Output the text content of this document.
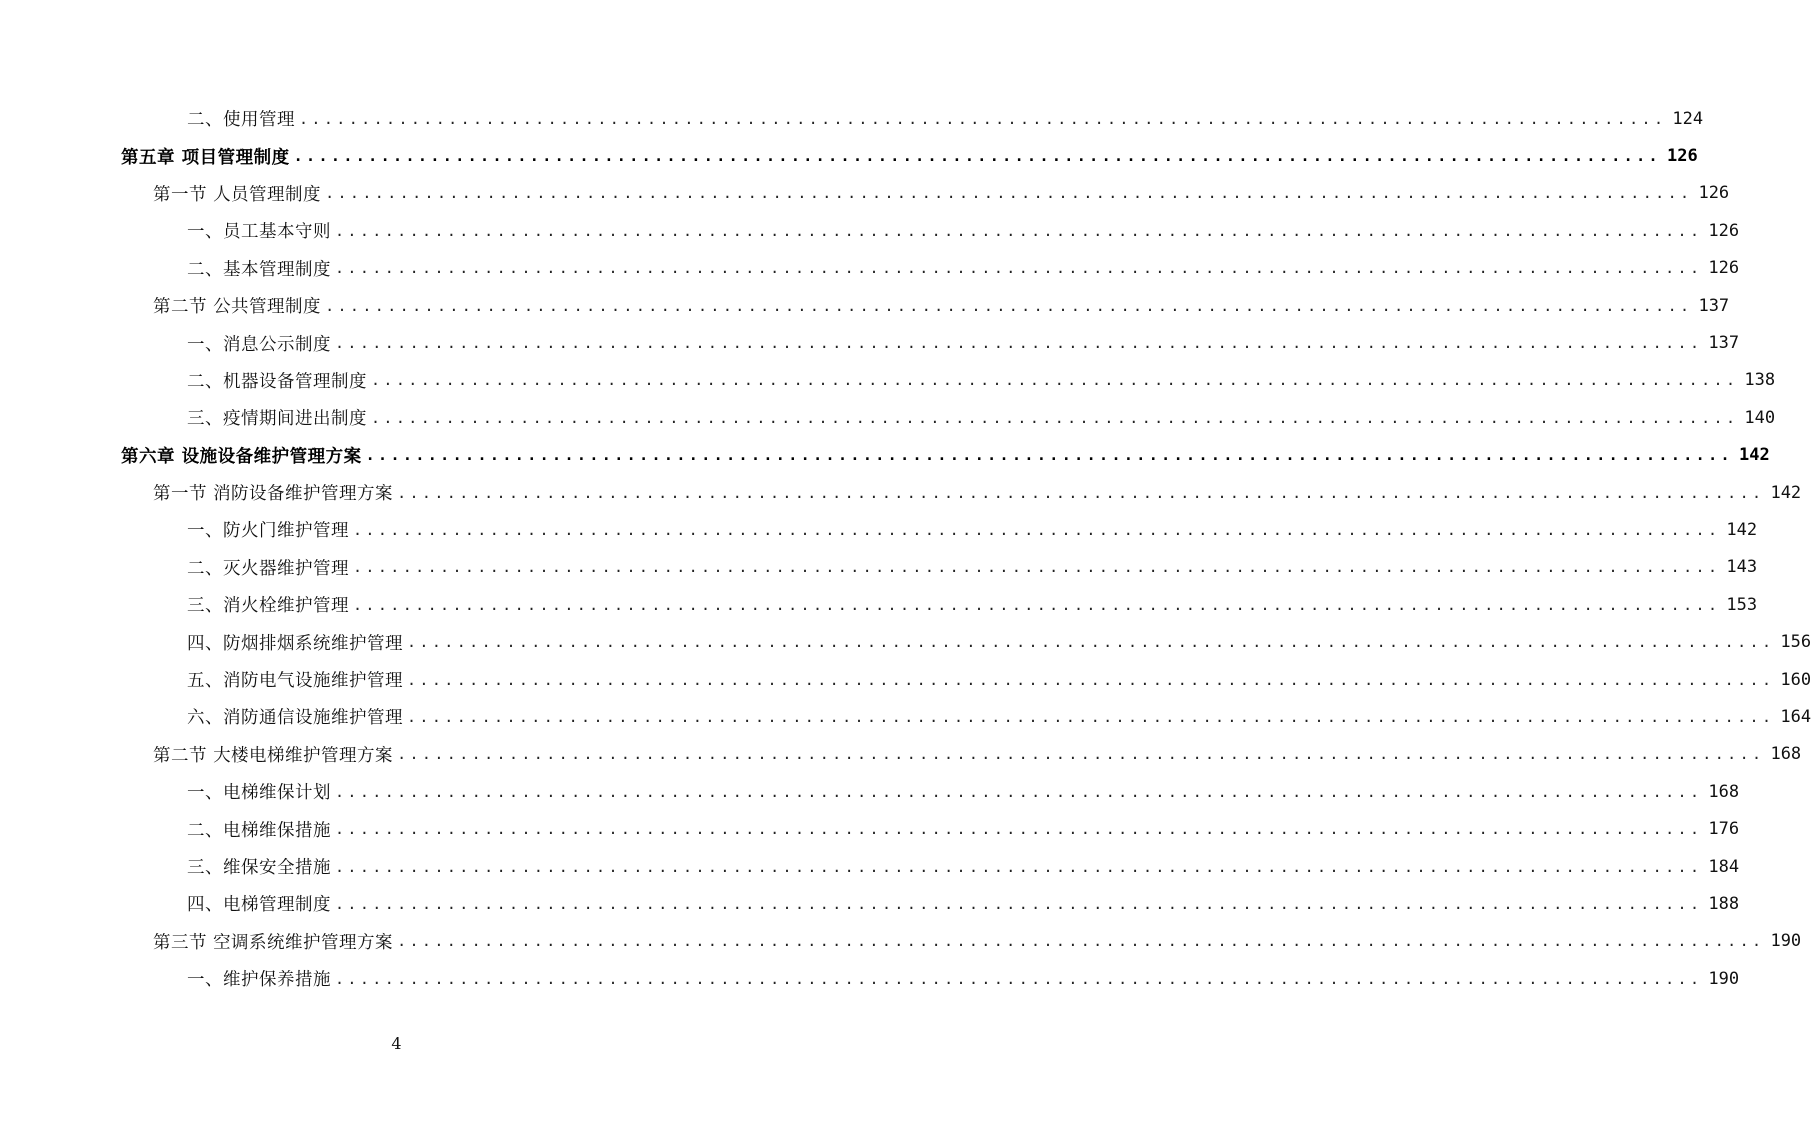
二、使用管理 .............................................................................................................. 124
第五章 项目管理制度 .............................................................................................................. 126
第一节 人员管理制度 .............................................................................................................. 126
一、员工基本守则 .............................................................................................................. 126
二、基本管理制度 .............................................................................................................. 126
第二节 公共管理制度 .............................................................................................................. 137
一、消息公示制度 .............................................................................................................. 137
二、机器设备管理制度 .............................................................................................................. 138
三、疫情期间进出制度 .............................................................................................................. 140
第六章 设施设备维护管理方案 .............................................................................................................. 142
第一节 消防设备维护管理方案 .............................................................................................................. 142
一、防火门维护管理 .............................................................................................................. 142
二、灭火器维护管理 .............................................................................................................. 143
三、消火栓维护管理 .............................................................................................................. 153
四、防烟排烟系统维护管理 .............................................................................................................. 156
五、消防电气设施维护管理 .............................................................................................................. 160
六、消防通信设施维护管理 .............................................................................................................. 164
第二节 大楼电梯维护管理方案 .............................................................................................................. 168
一、电梯维保计划 .............................................................................................................. 168
二、电梯维保措施 .............................................................................................................. 176
三、维保安全措施 .............................................................................................................. 184
四、电梯管理制度 .............................................................................................................. 188
第三节 空调系统维护管理方案 .............................................................................................................. 190
一、维护保养措施 .............................................................................................................. 190
4
